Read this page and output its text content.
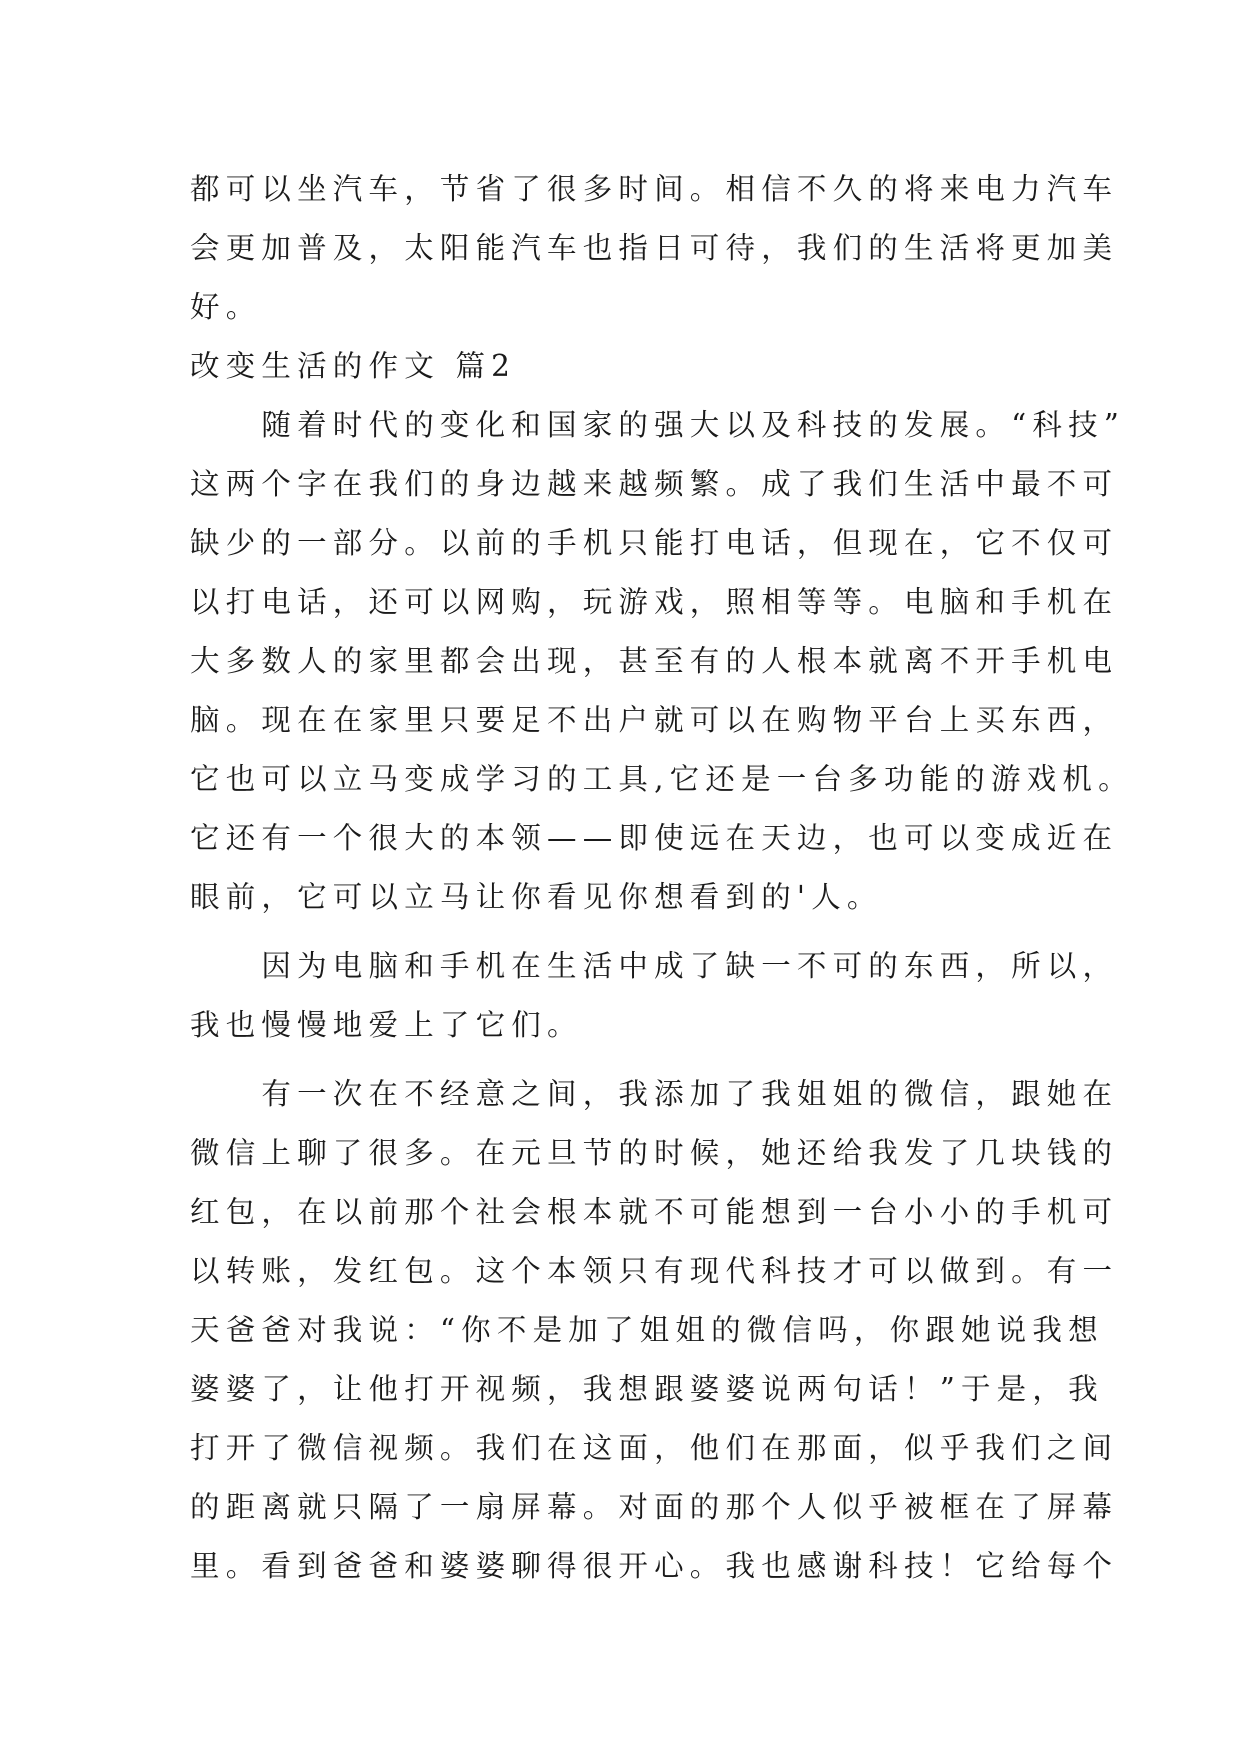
都可以坐汽车，节省了很多时间。相信不久的将来电力汽车
会更加普及，太阳能汽车也指日可待，我们的生活将更加美
好。
改变生活的作文 篇2
　　随着时代的变化和国家的强大以及科技的发展。“科技”
这两个字在我们的身边越来越频繁。成了我们生活中最不可
缺少的一部分。以前的手机只能打电话，但现在，它不仅可
以打电话，还可以网购，玩游戏，照相等等。电脑和手机在
大多数人的家里都会出现，甚至有的人根本就离不开手机电
脑。现在在家里只要足不出户就可以在购物平台上买东西，
它也可以立马变成学习的工具,它还是一台多功能的游戏机。
它还有一个很大的本领——即使远在天边，也可以变成近在
眼前，它可以立马让你看见你想看到的'人。
　　因为电脑和手机在生活中成了缺一不可的东西，所以，
我也慢慢地爱上了它们。
　　有一次在不经意之间，我添加了我姐姐的微信，跟她在
微信上聊了很多。在元旦节的时候，她还给我发了几块钱的
红包，在以前那个社会根本就不可能想到一台小小的手机可
以转账，发红包。这个本领只有现代科技才可以做到。有一
天爸爸对我说：“你不是加了姐姐的微信吗，你跟她说我想
婆婆了，让他打开视频，我想跟婆婆说两句话！”于是，我
打开了微信视频。我们在这面，他们在那面，似乎我们之间
的距离就只隔了一扇屏幕。对面的那个人似乎被框在了屏幕
里。看到爸爸和婆婆聊得很开心。我也感谢科技！它给每个
